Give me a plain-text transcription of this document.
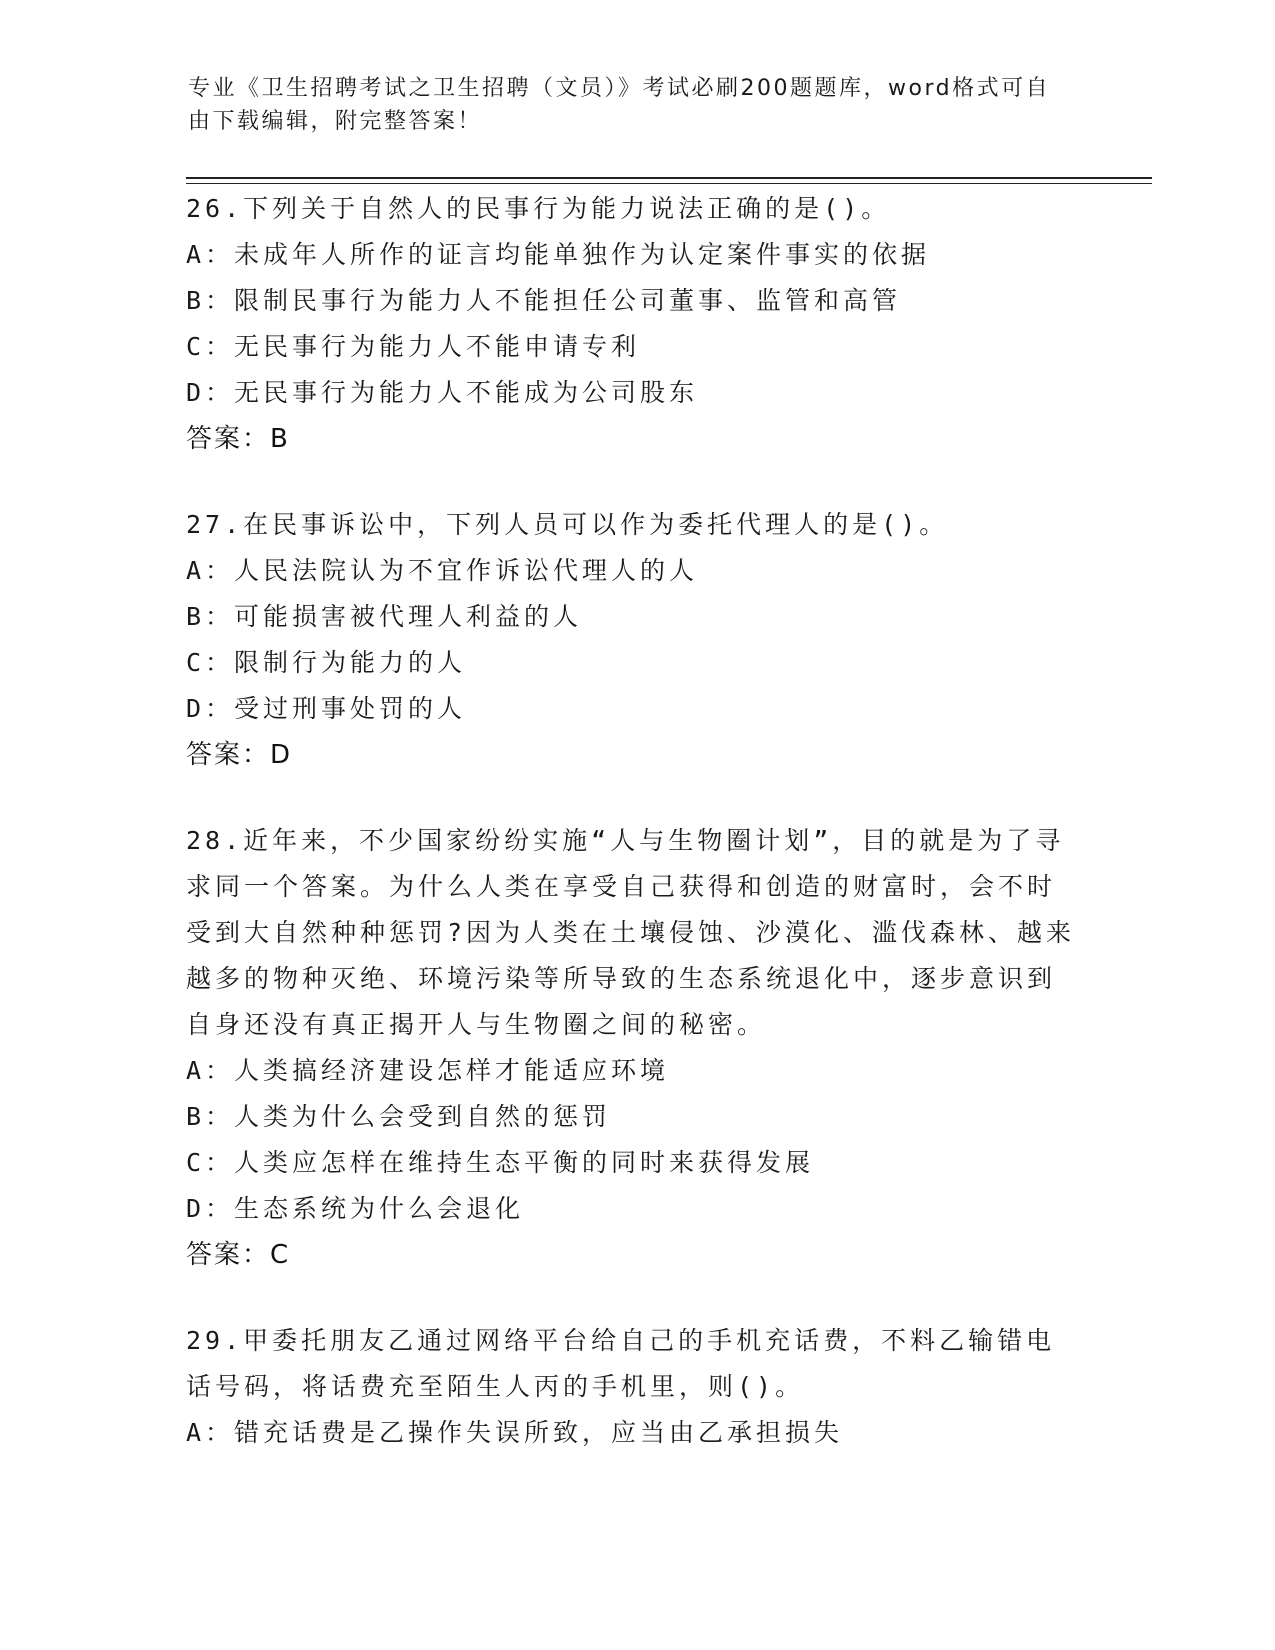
专业《卫生招聘考试之卫生招聘（文员）》考试必刷200题题库，word格式可自由下载编辑，附完整答案！
26.下列关于自然人的民事行为能力说法正确的是()。
A：未成年人所作的证言均能单独作为认定案件事实的依据
B：限制民事行为能力人不能担任公司董事、监管和高管
C：无民事行为能力人不能申请专利
D：无民事行为能力人不能成为公司股东
答案：B
27.在民事诉讼中，下列人员可以作为委托代理人的是()。
A：人民法院认为不宜作诉讼代理人的人
B：可能损害被代理人利益的人
C：限制行为能力的人
D：受过刑事处罚的人
答案：D
28.近年来，不少国家纷纷实施“人与生物圈计划”，目的就是为了寻求同一个答案。为什么人类在享受自己获得和创造的财富时，会不时受到大自然种种惩罚?因为人类在土壤侵蚀、沙漠化、滥伐森林、越来越多的物种灭绝、环境污染等所导致的生态系统退化中，逐步意识到自身还没有真正揭开人与生物圈之间的秘密。
A：人类搞经济建设怎样才能适应环境
B：人类为什么会受到自然的惩罚
C：人类应怎样在维持生态平衡的同时来获得发展
D：生态系统为什么会退化
答案：C
29.甲委托朋友乙通过网络平台给自己的手机充话费，不料乙输错电话号码，将话费充至陌生人丙的手机里，则()。
A：错充话费是乙操作失误所致，应当由乙承担损失
